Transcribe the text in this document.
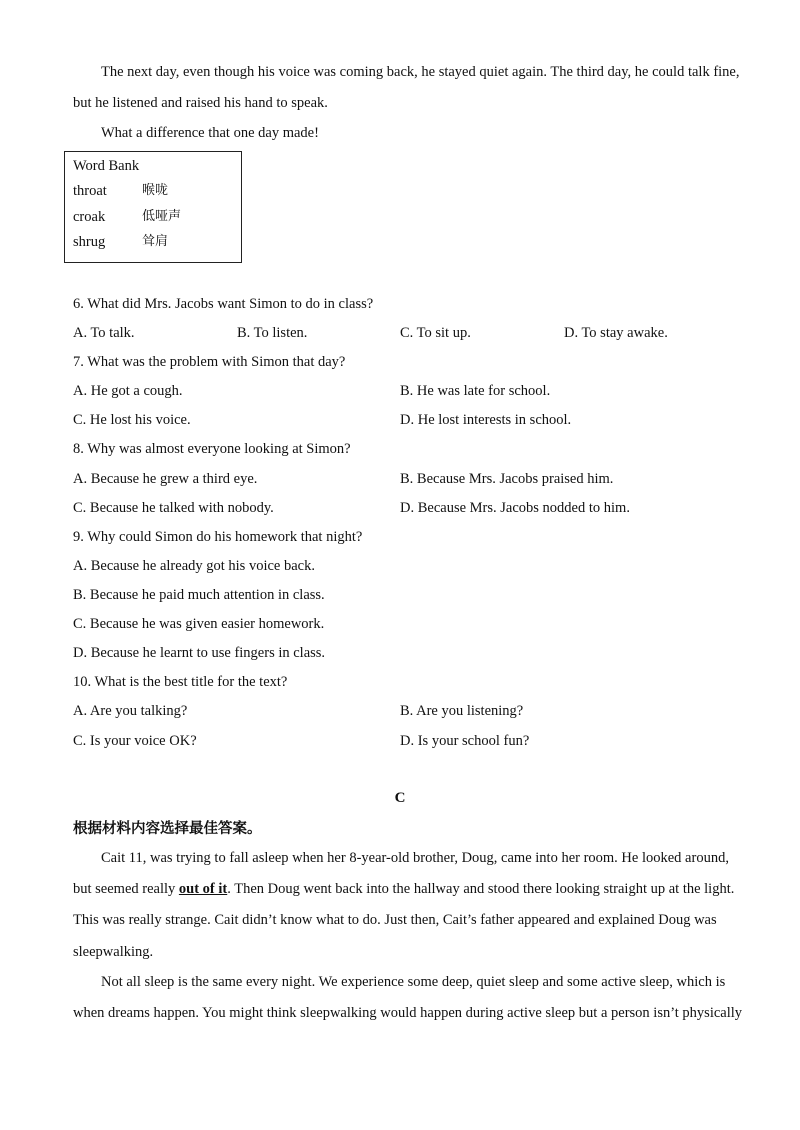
The next day, even though his voice was coming back, he stayed quiet again. The third day, he could talk fine,
but he listened and raised his hand to speak.
What a difference that one day made!
Word Bank
throat	喉咙
croak	低哑声
shrug	耸肩
6. What did Mrs. Jacobs want Simon to do in class?
A. To talk.	B. To listen.	C. To sit up.	D. To stay awake.
7. What was the problem with Simon that day?
A. He got a cough.	B. He was late for school.
C. He lost his voice.	D. He lost interests in school.
8. Why was almost everyone looking at Simon?
A. Because he grew a third eye.	B. Because Mrs. Jacobs praised him.
C. Because he talked with nobody.	D. Because Mrs. Jacobs nodded to him.
9. Why could Simon do his homework that night?
A. Because he already got his voice back.
B. Because he paid much attention in class.
C. Because he was given easier homework.
D. Because he learnt to use fingers in class.
10. What is the best title for the text?
A. Are you talking?	B. Are you listening?
C. Is your voice OK?	D. Is your school fun?
C
根据材料内容选择最佳答案。
Cait 11, was trying to fall asleep when her 8-year-old brother, Doug, came into her room. He looked around,
but seemed really out of it. Then Doug went back into the hallway and stood there looking straight up at the light.
This was really strange. Cait didn’t know what to do. Just then, Cait’s father appeared and explained Doug was
sleepwalking.
Not all sleep is the same every night. We experience some deep, quiet sleep and some active sleep, which is
when dreams happen. You might think sleepwalking would happen during active sleep but a person isn’t physically
